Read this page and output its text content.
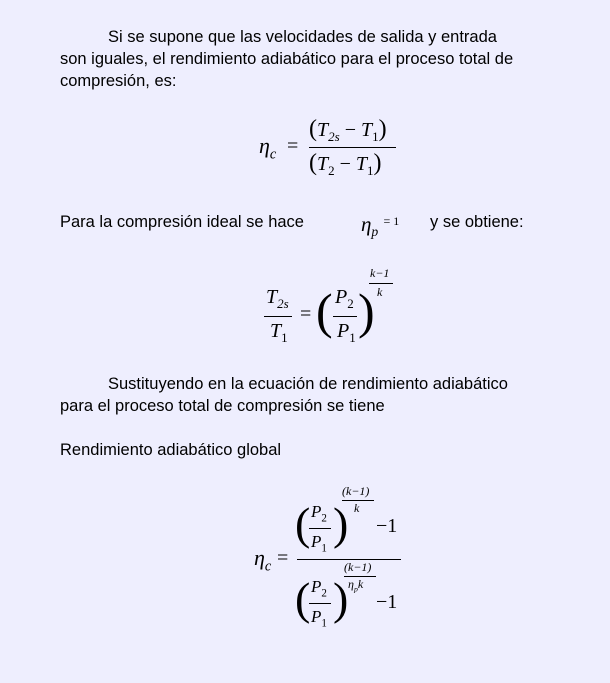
Si se supone que las velocidades de salida y entrada
son iguales, el rendimiento adiabático para el proceso total de
compresión, es:
$\eta_c$ =
$(T_{2s} - T_1)$
$(T_2 - T_1)$
Para la compresión ideal se hace	$\eta_p$ $^{= 1}$ y se obtiene:
$T_{2s}$
$T_1$
= ( $P_2$
$P_1$ )
k−1
k
Sustituyendo en la ecuación de rendimiento adiabático
para el proceso total de compresión se tiene
Rendimiento adiabático global
$\eta_c$ =
( $P_2$
$P_1$ )
(k−1)
k
−1
( $P_2$
$P_1$ )
(k−1)
$\eta_pk$
−1
